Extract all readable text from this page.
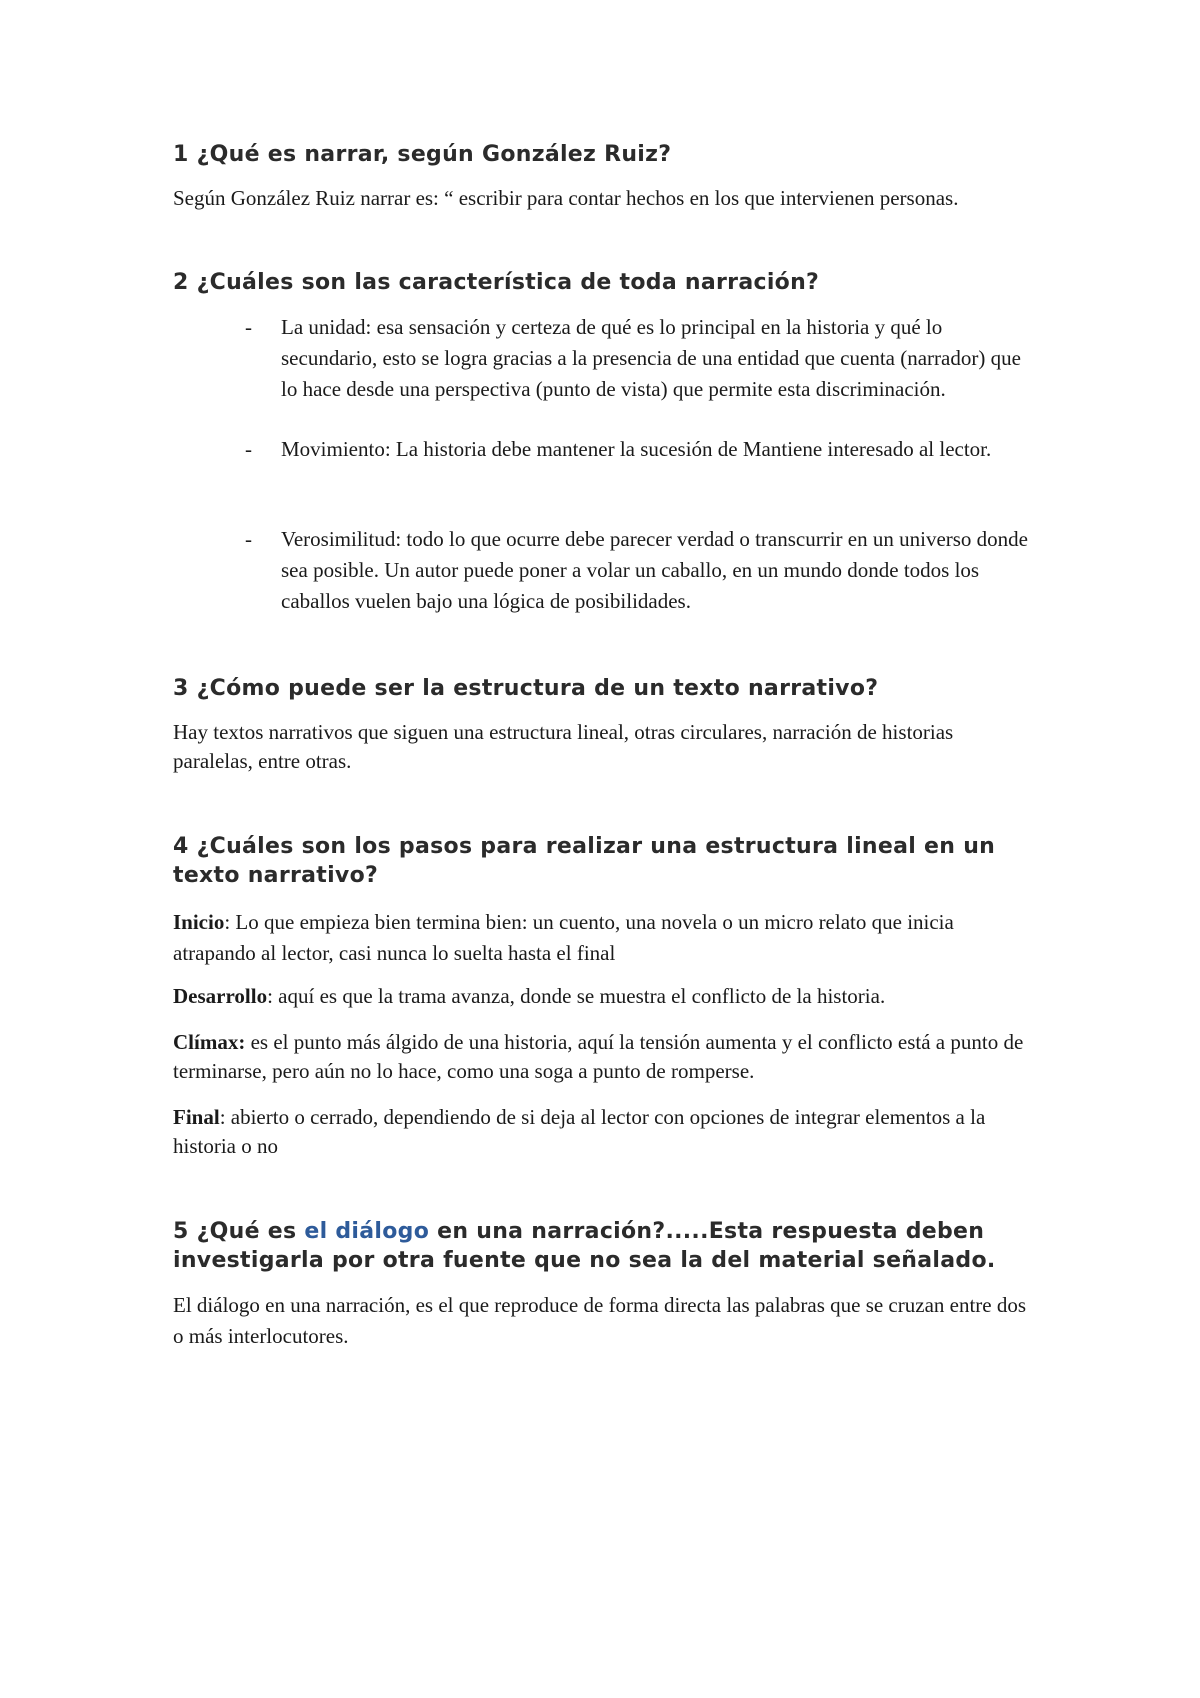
1 ¿Qué es narrar, según González Ruiz?

Según González Ruiz narrar es: “ escribir para contar hechos en los que intervienen personas.

2 ¿Cuáles son las característica de toda narración?
- La unidad: esa sensación y certeza de qué es lo principal en la historia y qué lo secundario, esto se logra gracias a la presencia de una entidad que cuenta (narrador) que lo hace desde una perspectiva (punto de vista) que permite esta discriminación.
- Movimiento: La historia debe mantener la sucesión de Mantiene interesado al lector.
- Verosimilitud: todo lo que ocurre debe parecer verdad o transcurrir en un universo donde sea posible. Un autor puede poner a volar un caballo, en un mundo donde todos los caballos vuelen bajo una lógica de posibilidades.
3 ¿Cómo puede ser la estructura de un texto narrativo?

Hay textos narrativos que siguen una estructura lineal, otras circulares, narración de historias paralelas, entre otras.

4 ¿Cuáles son los pasos para realizar una estructura lineal en un texto narrativo?

Inicio: Lo que empieza bien termina bien: un cuento, una novela o un micro relato que inicia atrapando al lector, casi nunca lo suelta hasta el final

Desarrollo: aquí es que la trama avanza, donde se muestra el conflicto de la historia.

Clímax: es el punto más álgido de una historia, aquí la tensión aumenta y el conflicto está a punto de terminarse, pero aún no lo hace, como una soga a punto de romperse.

Final: abierto o cerrado, dependiendo de si deja al lector con opciones de integrar elementos a la historia o no

5 ¿Qué es el diálogo en una narración?.....Esta respuesta deben investigarla por otra fuente que no sea la del material señalado.

El diálogo en una narración, es el que reproduce de forma directa las palabras que se cruzan entre dos o más interlocutores.
